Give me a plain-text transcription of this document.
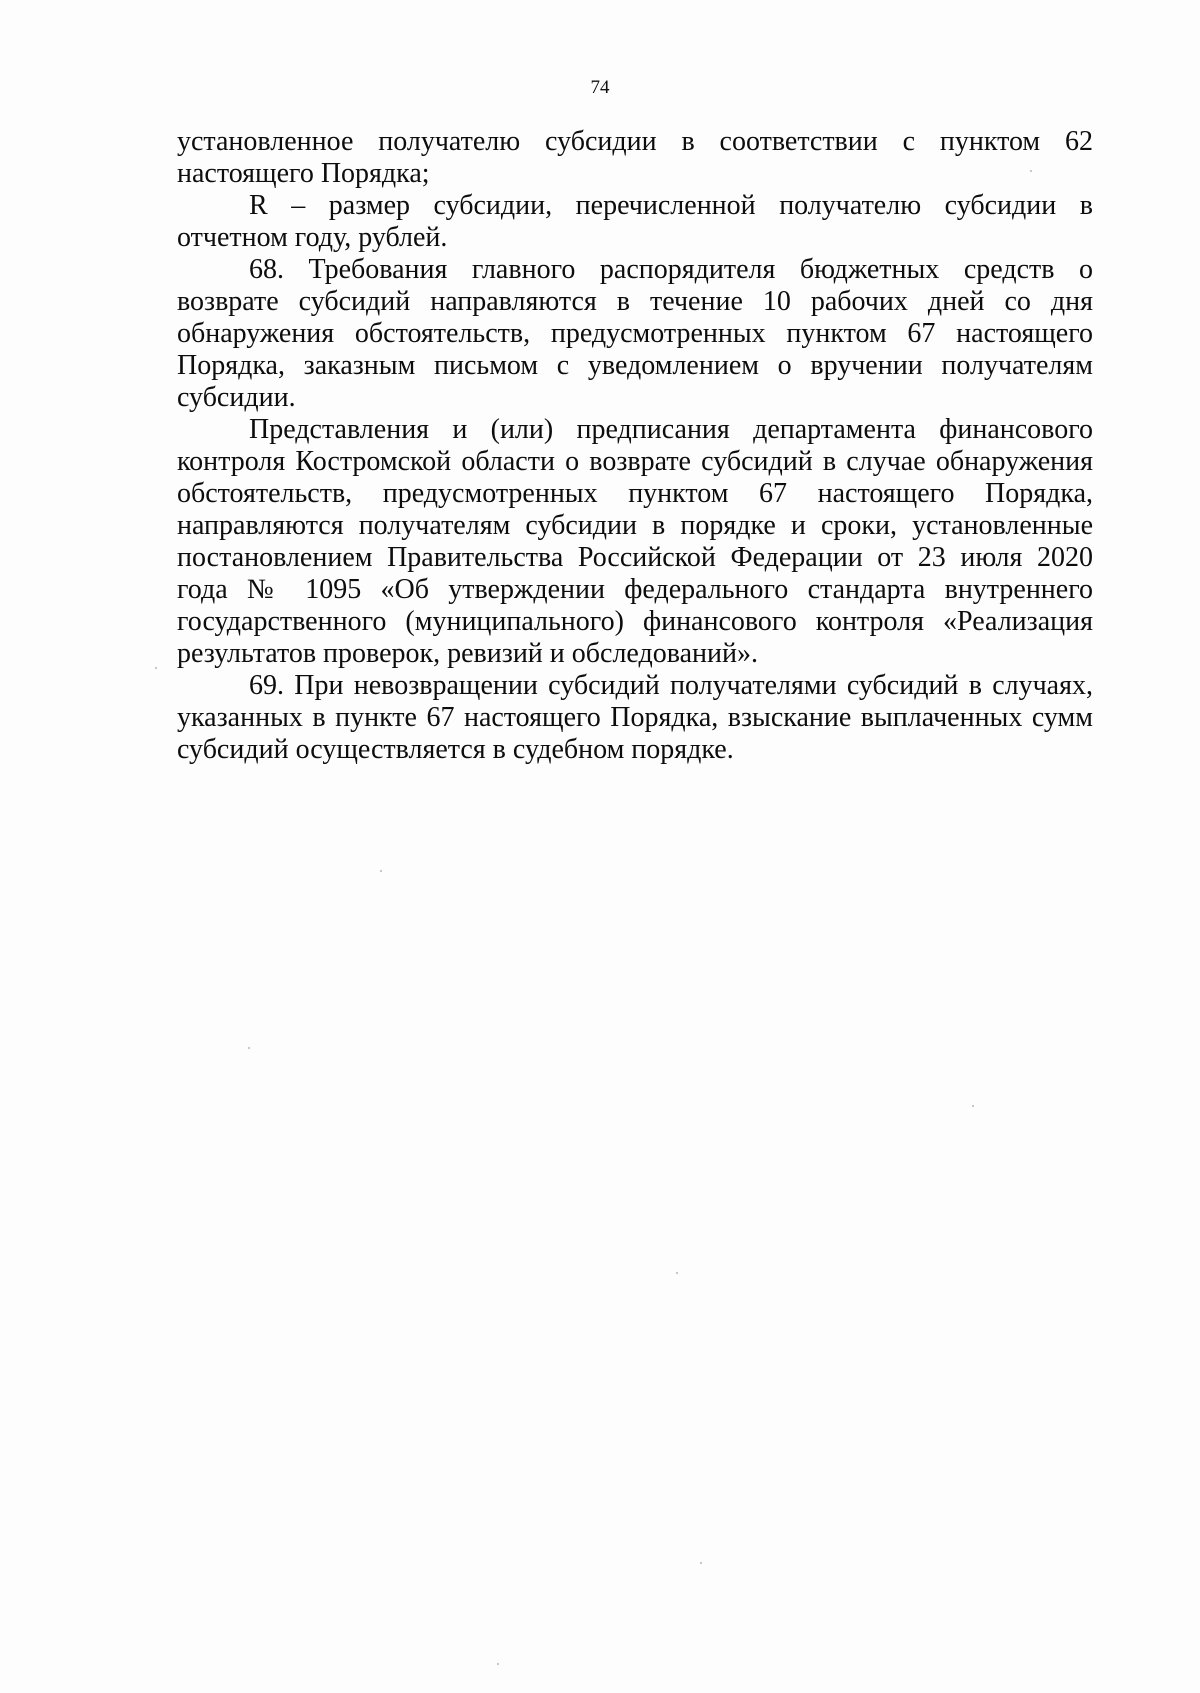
74

установленное получателю субсидии в соответствии с пунктом 62 настоящего Порядка;

R – размер субсидии, перечисленной получателю субсидии в отчетном году, рублей.

68. Требования главного распорядителя бюджетных средств о возврате субсидий направляются в течение 10 рабочих дней со дня обнаружения обстоятельств, предусмотренных пунктом 67 настоящего Порядка, заказным письмом с уведомлением о вручении получателям субсидии.

Представления и (или) предписания департамента финансового контроля Костромской области о возврате субсидий в случае обнаружения обстоятельств, предусмотренных пунктом 67 настоящего Порядка, направляются получателям субсидии в порядке и сроки, установленные постановлением Правительства Российской Федерации от 23 июля 2020 года № 1095 «Об утверждении федерального стандарта внутреннего государственного (муниципального) финансового контроля «Реализация результатов проверок, ревизий и обследований».

69. При невозвращении субсидий получателями субсидий в случаях, указанных в пункте 67 настоящего Порядка, взыскание выплаченных сумм субсидий осуществляется в судебном порядке.
